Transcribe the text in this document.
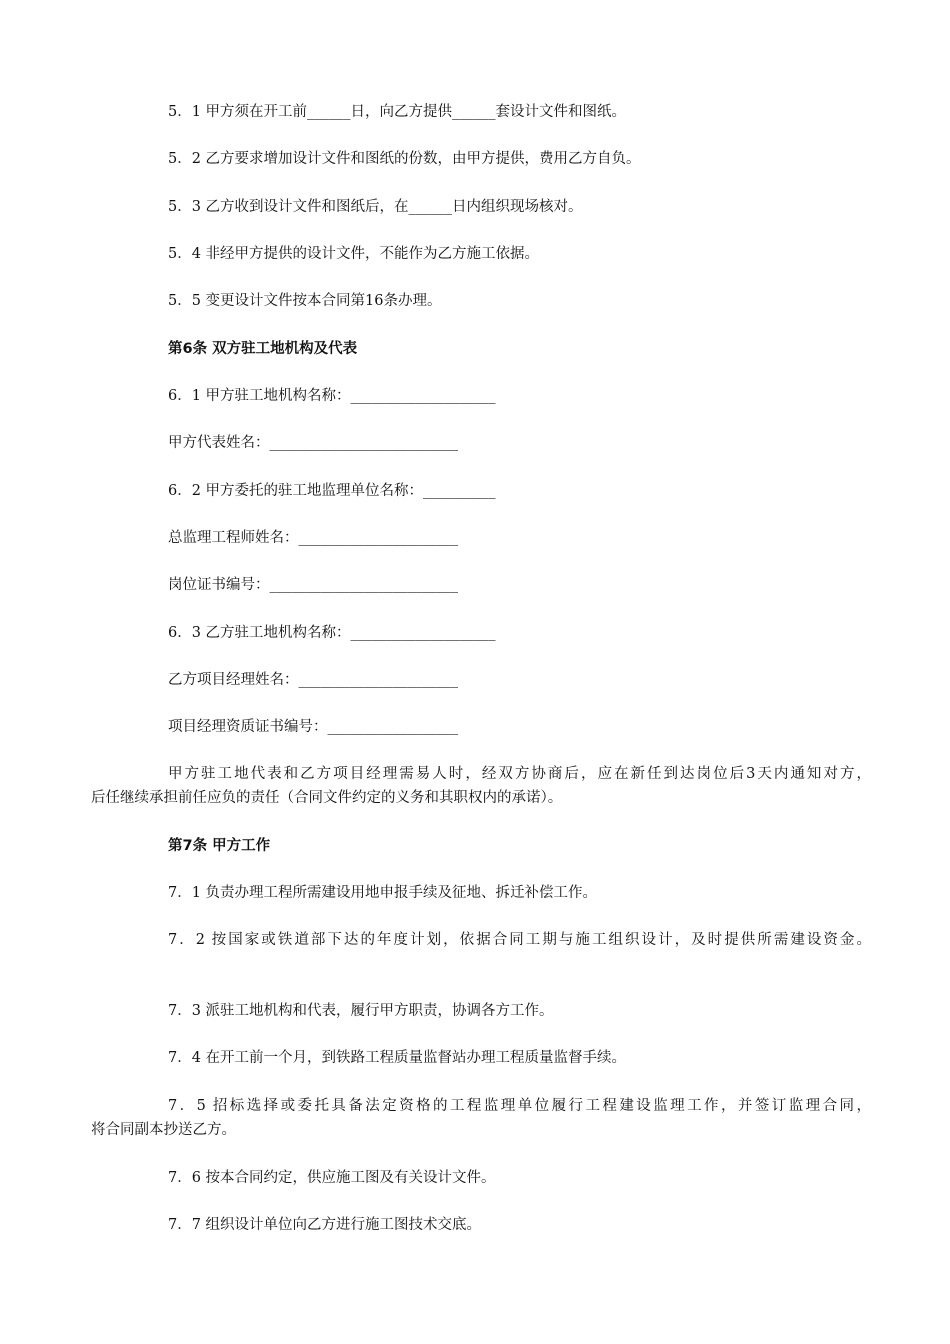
5．1 甲方须在开工前______日，向乙方提供______套设计文件和图纸。
5．2 乙方要求增加设计文件和图纸的份数，由甲方提供，费用乙方自负。
5．3 乙方收到设计文件和图纸后，在______日内组织现场核对。
5．4 非经甲方提供的设计文件，不能作为乙方施工依据。
5．5 变更设计文件按本合同第16条办理。
第6条 双方驻工地机构及代表
6．1 甲方驻工地机构名称：____________________
甲方代表姓名：__________________________
6．2 甲方委托的驻工地监理单位名称：__________
总监理工程师姓名：______________________
岗位证书编号：__________________________
6．3 乙方驻工地机构名称：____________________
乙方项目经理姓名：______________________
项目经理资质证书编号：__________________
甲方驻工地代表和乙方项目经理需易人时，经双方协商后，应在新任到达岗位后3天内通知对方，
后任继续承担前任应负的责任（合同文件约定的义务和其职权内的承诺）。
第7条 甲方工作
7．1 负责办理工程所需建设用地申报手续及征地、拆迁补偿工作。
7．2 按国家或铁道部下达的年度计划，依据合同工期与施工组织设计，及时提供所需建设资金。
7．3 派驻工地机构和代表，履行甲方职责，协调各方工作。
7．4 在开工前一个月，到铁路工程质量监督站办理工程质量监督手续。
7．5 招标选择或委托具备法定资格的工程监理单位履行工程建设监理工作，并签订监理合同，
将合同副本抄送乙方。
7．6 按本合同约定，供应施工图及有关设计文件。
7．7 组织设计单位向乙方进行施工图技术交底。
